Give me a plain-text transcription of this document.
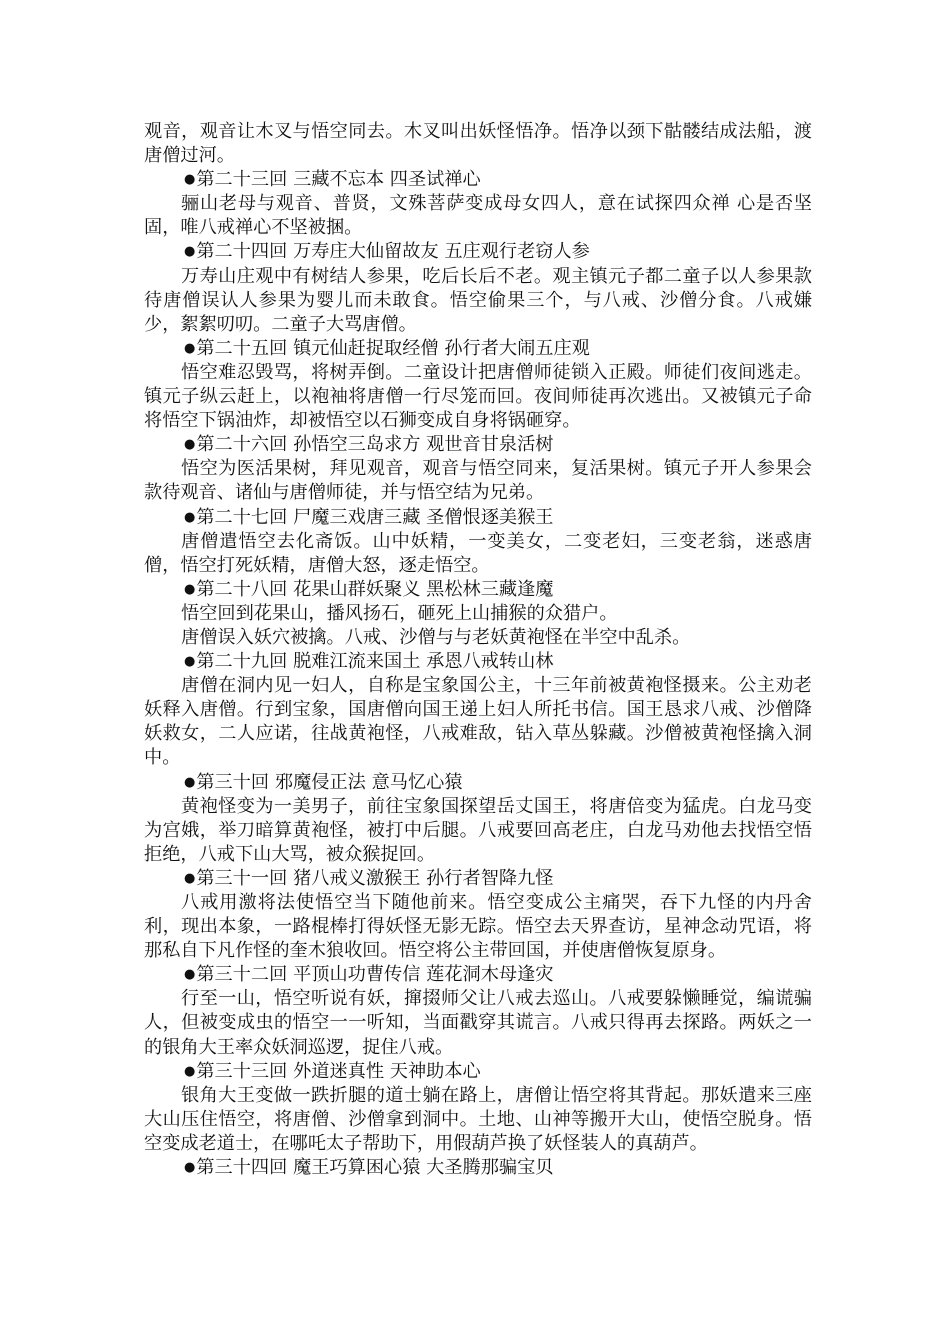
观音，观音让木叉与悟空同去。木叉叫出妖怪悟净。悟净以颈下骷髅结成法船，渡唐僧过河。

●第二十三回 三藏不忘本 四圣试禅心

骊山老母与观音、普贤，文殊菩萨变成母女四人，意在试探四众禅 心是否坚固，唯八戒禅心不坚被捆。

●第二十四回 万寿庄大仙留故友 五庄观行老窃人参

万寿山庄观中有树结人参果，吃后长后不老。观主镇元子都二童子以人参果款待唐僧误认人参果为婴儿而未敢食。悟空偷果三个，与八戒、沙僧分食。八戒嫌少，絮絮叨叨。二童子大骂唐僧。

●第二十五回 镇元仙赶捉取经僧 孙行者大闹五庄观

悟空难忍毁骂，将树弄倒。二童设计把唐僧师徒锁入正殿。师徒们夜间逃走。镇元子纵云赶上，以袍袖将唐僧一行尽笼而回。夜间师徒再次逃出。又被镇元子命将悟空下锅油炸，却被悟空以石狮变成自身将锅砸穿。

●第二十六回 孙悟空三岛求方 观世音甘泉活树

悟空为医活果树，拜见观音，观音与悟空同来，复活果树。镇元子开人参果会款待观音、诸仙与唐僧师徒，并与悟空结为兄弟。

●第二十七回 尸魔三戏唐三藏 圣僧恨逐美猴王

唐僧遣悟空去化斋饭。山中妖精，一变美女，二变老妇，三变老翁，迷惑唐僧，悟空打死妖精，唐僧大怒，逐走悟空。

●第二十八回 花果山群妖聚义 黑松林三藏逢魔

悟空回到花果山，播风扬石，砸死上山捕猴的众猎户。

唐僧误入妖穴被擒。八戒、沙僧与与老妖黄袍怪在半空中乱杀。

●第二十九回 脱难江流来国土 承恩八戒转山林

唐僧在洞内见一妇人，自称是宝象国公主，十三年前被黄袍怪摄来。公主劝老妖释入唐僧。行到宝象，国唐僧向国王递上妇人所托书信。国王恳求八戒、沙僧降妖救女，二人应诺，往战黄袍怪，八戒难敌，钻入草丛躲藏。沙僧被黄袍怪擒入洞中。

●第三十回 邪魔侵正法 意马忆心猿

黄袍怪变为一美男子，前往宝象国探望岳丈国王，将唐倍变为猛虎。白龙马变为宫娥，举刀暗算黄袍怪，被打中后腿。八戒要回高老庄，白龙马劝他去找悟空悟拒绝，八戒下山大骂，被众猴捉回。

●第三十一回 猪八戒义激猴王 孙行者智降九怪

八戒用激将法使悟空当下随他前来。悟空变成公主痛哭，吞下九怪的内丹舍利，现出本象，一路棍棒打得妖怪无影无踪。悟空去天界查访，星神念动咒语，将那私自下凡作怪的奎木狼收回。悟空将公主带回国，并使唐僧恢复原身。

●第三十二回 平顶山功曹传信 莲花洞木母逢灾

行至一山，悟空听说有妖，撺掇师父让八戒去巡山。八戒要躲懒睡觉，编谎骗人，但被变成虫的悟空一一听知，当面戳穿其谎言。八戒只得再去探路。两妖之一的银角大王率众妖洞巡逻，捉住八戒。

●第三十三回 外道迷真性 天神助本心

银角大王变做一跌折腿的道士躺在路上，唐僧让悟空将其背起。那妖遣来三座大山压住悟空，将唐僧、沙僧拿到洞中。土地、山神等搬开大山，使悟空脱身。悟空变成老道士，在哪吒太子帮助下，用假葫芦换了妖怪装人的真葫芦。

●第三十四回 魔王巧算困心猿 大圣腾那骗宝贝
